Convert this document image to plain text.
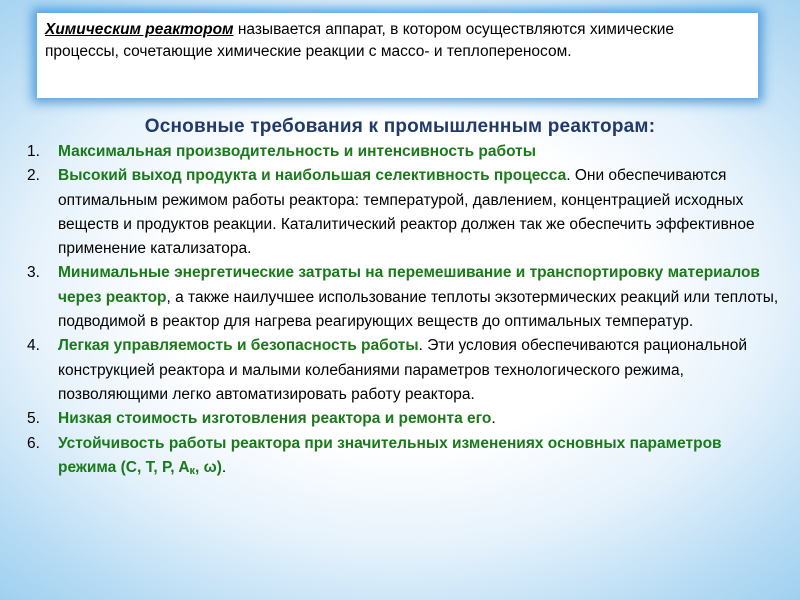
Химическим реактором называется аппарат, в котором осуществляются химические процессы, сочетающие химические реакции с массо- и теплопереносом.
Основные требования к промышленным реакторам:
1. Максимальная производительность и интенсивность работы
2. Высокий выход продукта и наибольшая селективность процесса. Они обеспечиваются оптимальным режимом работы реактора: температурой, давлением, концентрацией исходных веществ и продуктов реакции. Каталитический реактор должен так же обеспечить эффективное применение катализатора.
3. Минимальные энергетические затраты на перемешивание и транспортировку материалов через реактор, а также наилучшее использование теплоты экзотермических реакций или теплоты, подводимой в реактор для нагрева реагирующих веществ до оптимальных температур.
4. Легкая управляемость и безопасность работы. Эти условия обеспечиваются рациональной конструкцией реактора и малыми колебаниями параметров технологического режима, позволяющими легко автоматизировать работу реактора.
5. Низкая стоимость изготовления реактора и ремонта его.
6. Устойчивость работы реактора при значительных изменениях основных параметров режима (C, T, P, Aк, ω).
